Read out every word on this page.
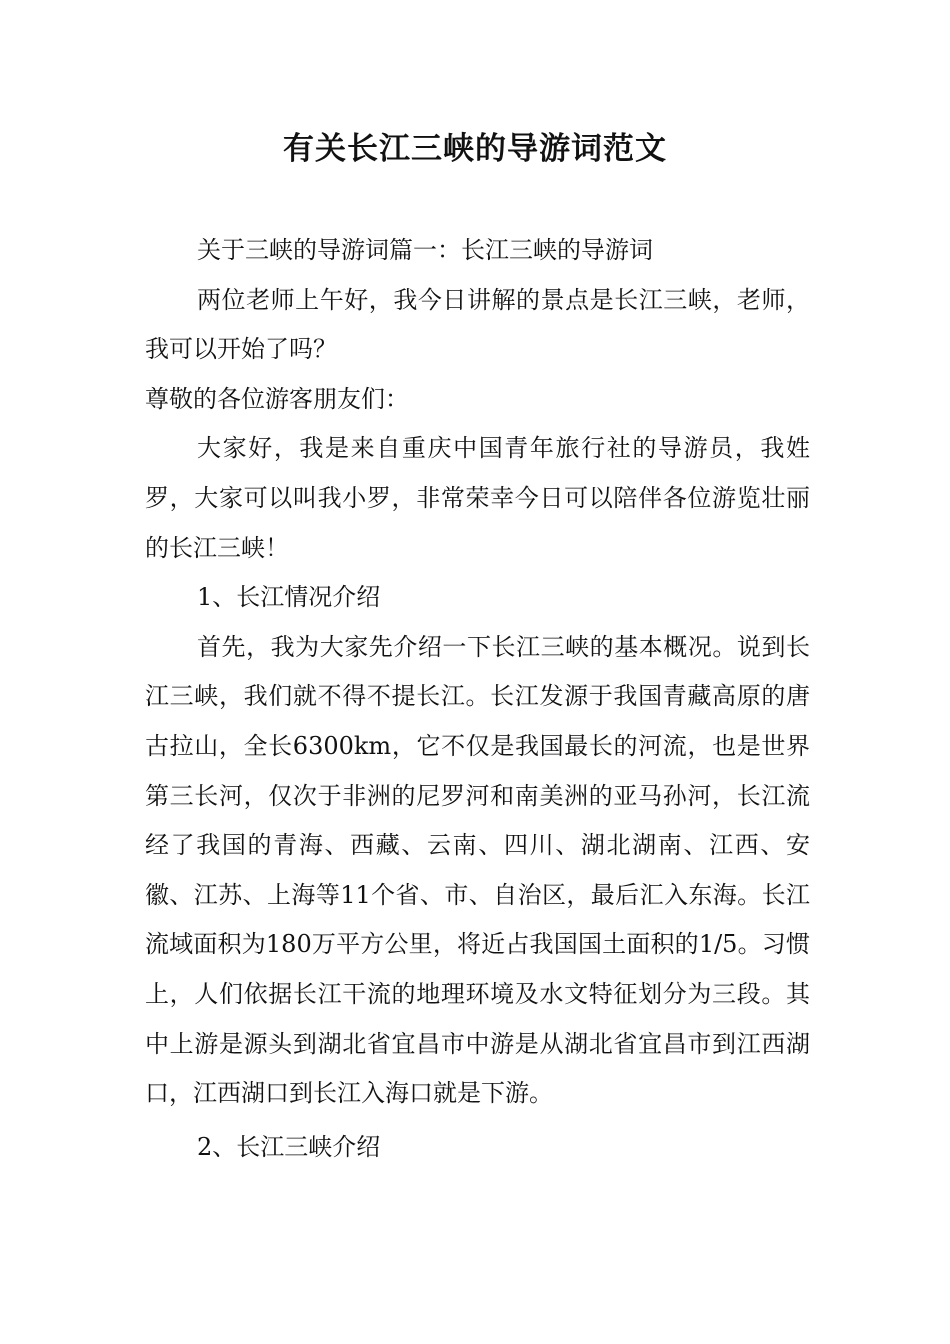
有关长江三峡的导游词范文

关于三峡的导游词篇一：长江三峡的导游词

两位老师上午好，我今日讲解的景点是长江三峡，老师，我可以开始了吗？

尊敬的各位游客朋友们：

大家好，我是来自重庆中国青年旅行社的导游员，我姓罗，大家可以叫我小罗，非常荣幸今日可以陪伴各位游览壮丽的长江三峡！

1、长江情况介绍

首先，我为大家先介绍一下长江三峡的基本概况。说到长江三峡，我们就不得不提长江。长江发源于我国青藏高原的唐古拉山，全长6300km，它不仅是我国最长的河流，也是世界第三长河，仅次于非洲的尼罗河和南美洲的亚马孙河，长江流经了我国的青海、西藏、云南、四川、湖北湖南、江西、安徽、江苏、上海等11个省、市、自治区，最后汇入东海。长江流域面积为180万平方公里，将近占我国国土面积的1/5。习惯上，人们依据长江干流的地理环境及水文特征划分为三段。其中上游是源头到湖北省宜昌市中游是从湖北省宜昌市到江西湖口，江西湖口到长江入海口就是下游。

2、长江三峡介绍
